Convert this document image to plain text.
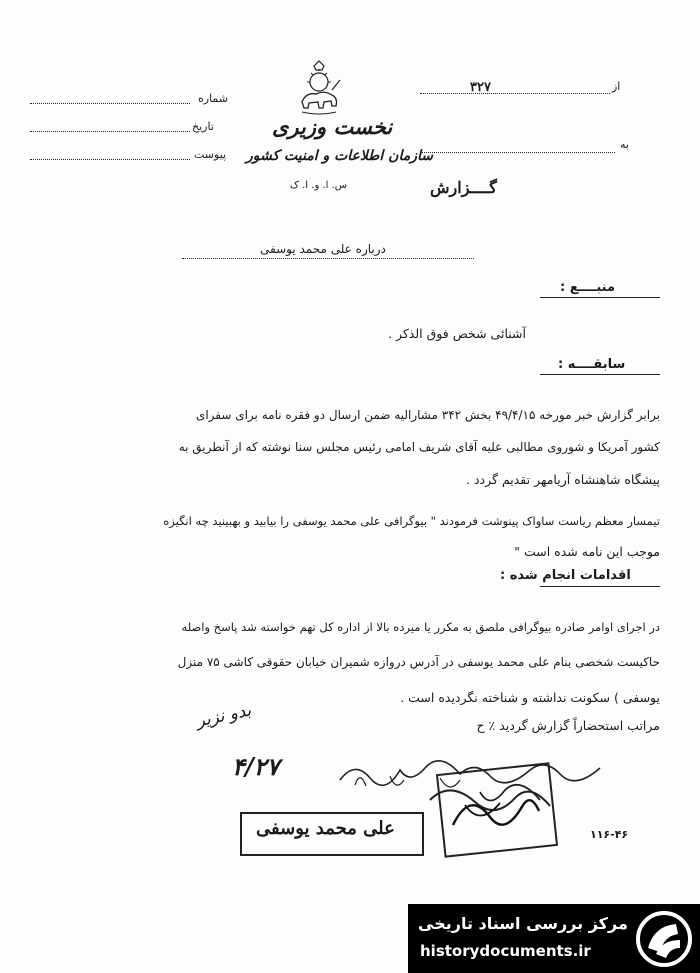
از
۳۲۷
به
شماره
تاریخ
پیوست
نخست وزیری
سازمان اطلاعات و امنیت کشور
س. ا. و. ا. ک	گــــزارش
درباره علی محمد یوسفی
منبــــع :
آشنائی شخص فوق الذکر .
سابقــــه :
برابر گزارش خبر مورخه ۴۹/۴/۱۵ بخش ۳۴۲ مشارالیه ضمن ارسال دو فقره نامه برای سفرای
کشور آمریکا و شوروی مطالبی علیه آقای شریف امامی رئیس مجلس سنا نوشته که از آنطریق به
پیشگاه شاهنشاه آریامهر تقدیم گردد .
تیمسار معظم ریاست ساواک پینوشت فرمودند " بیوگرافی علی محمد یوسفی را بیابید و بهبینید چه انگیزه
موجب این نامه شده است "
اقدامات انجام شده :
در اجرای اوامر صادره بیوگرافی ملصق به مکرر یا میرده بالا از اداره کل تهم خواسته شد پاسخ واصله
حاکیست شخصی بنام علی محمد یوسفی در آدرس دروازه شمیران خیابان حقوقی کاشی ۷۵ منزل
یوسفی ) سکونت نداشته و شناخته نگردیده است .
مراتب استحضاراً گزارش گردید ٪ ح
بدو نزیر
۴/۲۷
علی محمد یوسفی	۱۱۶-۴۶
مرکز بررسی اسناد تاریخی
historydocuments.ir
